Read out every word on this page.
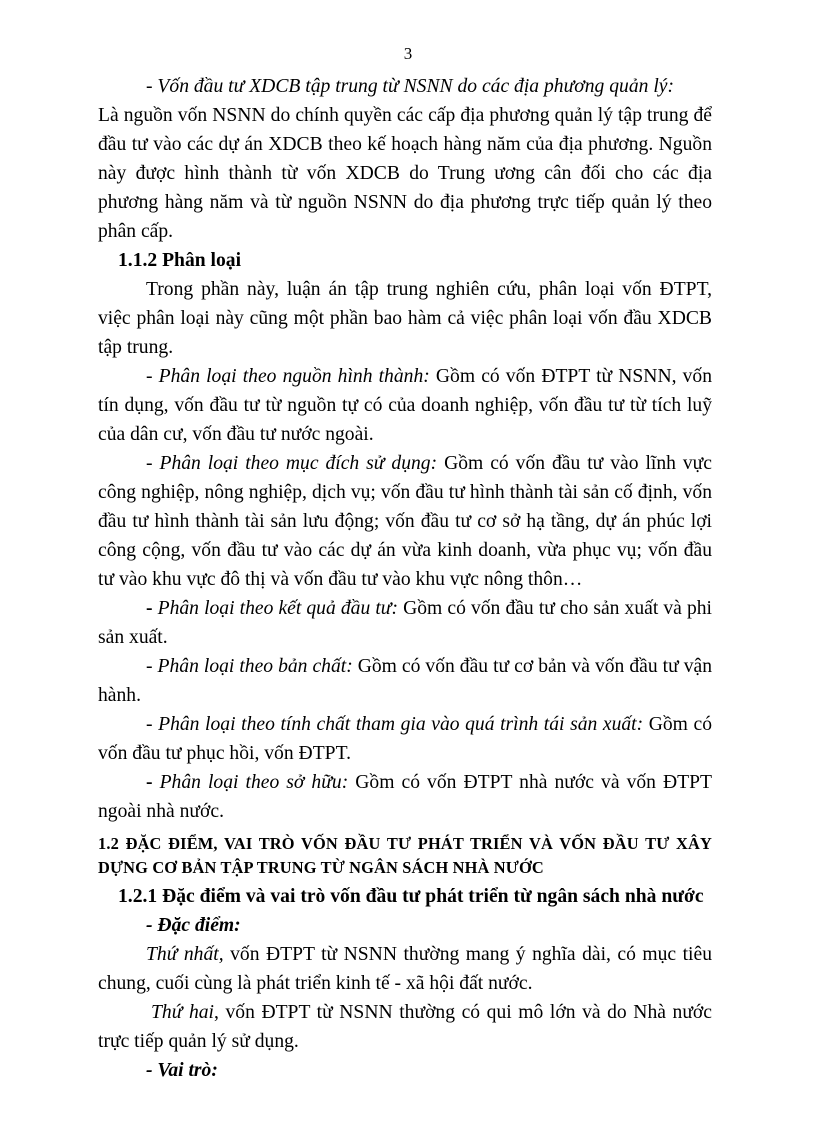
3

- Vốn đầu tư XDCB tập trung từ NSNN do các địa phương quản lý:
Là nguồn vốn NSNN do chính quyền các cấp địa phương quản lý tập trung để đầu tư vào các dự án XDCB theo kế hoạch hàng năm của địa phương. Nguồn này được hình thành từ vốn XDCB do Trung ương cân đối cho các địa phương hàng năm và từ nguồn NSNN do địa phương trực tiếp quản lý theo phân cấp.

1.1.2 Phân loại

Trong phần này, luận án tập trung nghiên cứu, phân loại vốn ĐTPT, việc phân loại này cũng một phần bao hàm cả việc phân loại vốn đầu XDCB tập trung.

- Phân loại theo nguồn hình thành: Gồm có vốn ĐTPT từ NSNN, vốn tín dụng, vốn đầu tư từ nguồn tự có của doanh nghiệp, vốn đầu tư từ tích luỹ của dân cư, vốn đầu tư nước ngoài.

- Phân loại theo mục đích sử dụng: Gồm có vốn đầu tư vào lĩnh vực công nghiệp, nông nghiệp, dịch vụ; vốn đầu tư hình thành tài sản cố định, vốn đầu tư hình thành tài sản lưu động; vốn đầu tư cơ sở hạ tầng, dự án phúc lợi công cộng, vốn đầu tư vào các dự án vừa kinh doanh, vừa phục vụ; vốn đầu tư vào khu vực đô thị và vốn đầu tư vào khu vực nông thôn…

- Phân loại theo kết quả đầu tư: Gồm có vốn đầu tư cho sản xuất và phi sản xuất.

- Phân loại theo bản chất: Gồm có vốn đầu tư cơ bản và vốn đầu tư vận hành.

- Phân loại theo tính chất tham gia vào quá trình tái sản xuất: Gồm có vốn đầu tư phục hồi, vốn ĐTPT.

- Phân loại theo sở hữu: Gồm có vốn ĐTPT nhà nước và vốn ĐTPT ngoài nhà nước.

1.2 ĐẶC ĐIỂM, VAI TRÒ VỐN ĐẦU TƯ PHÁT TRIỂN VÀ VỐN ĐẦU TƯ XÂY DỰNG CƠ BẢN TẬP TRUNG TỪ NGÂN SÁCH NHÀ NƯỚC

1.2.1 Đặc điểm và vai trò vốn đầu tư phát triển từ ngân sách nhà nước

- Đặc điểm:

Thứ nhất, vốn ĐTPT từ NSNN thường mang ý nghĩa dài, có mục tiêu chung, cuối cùng là phát triển kinh tế - xã hội đất nước.

Thứ hai, vốn ĐTPT từ NSNN thường có qui mô lớn và do Nhà nước trực tiếp quản lý sử dụng.

- Vai trò:
